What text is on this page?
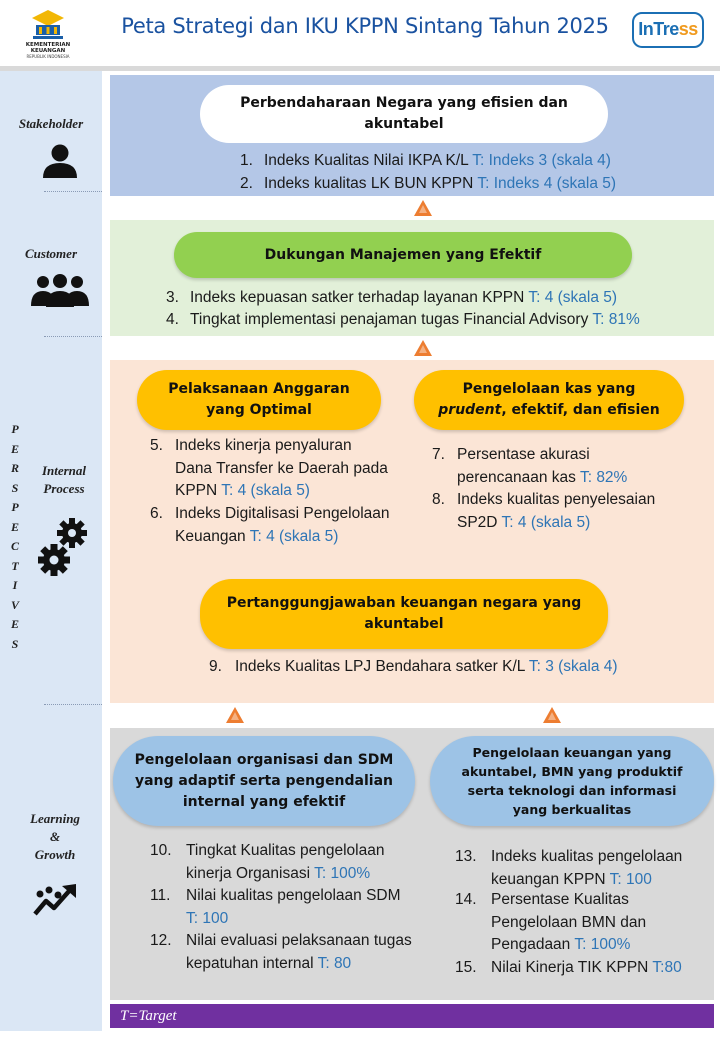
KEMENTERIAN KEUANGAN
REPUBLIK INDONESIA
Peta Strategi dan IKU KPPN Sintang Tahun 2025	InTress
Stakeholder
Customer
P
E
R
S
P
E
C
T
I
V
E
S
Internal
Process
Learning
&
Growth
Perbendaharaan Negara yang efisien dan akuntabel
1. Indeks Kualitas Nilai IKPA K/L T: Indeks 3 (skala 4)
2. Indeks kualitas LK BUN KPPN T: Indeks 4 (skala 5)
Dukungan Manajemen yang Efektif
3. Indeks kepuasan satker terhadap layanan KPPN T: 4 (skala 5)
4. Tingkat implementasi penajaman tugas Financial Advisory T: 81%
Pelaksanaan Anggaran
yang Optimal
Pengelolaan kas yang
prudent, efektif, dan efisien
5. Indeks kinerja penyaluran Dana Transfer ke Daerah pada KPPN T: 4 (skala 5)
6. Indeks Digitalisasi Pengelolaan Keuangan T: 4 (skala 5)
7. Persentase akurasi perencanaan kas T: 82%
8. Indeks kualitas penyelesaian SP2D T: 4 (skala 5)
Pertanggungjawaban keuangan negara yang akuntabel
9. Indeks Kualitas LPJ Bendahara satker K/L T: 3 (skala 4)
Pengelolaan organisasi dan SDM yang adaptif serta pengendalian internal yang efektif
Pengelolaan keuangan yang akuntabel, BMN yang produktif serta teknologi dan informasi yang berkualitas
10. Tingkat Kualitas pengelolaan kinerja Organisasi T: 100%
11.	Nilai kualitas pengelolaan SDM T: 100
12. Nilai evaluasi pelaksanaan tugas kepatuhan internal T: 80
13. Indeks kualitas pengelolaan keuangan KPPN T: 100
14. Persentase Kualitas Pengelolaan BMN dan Pengadaan T: 100%
15. Nilai Kinerja TIK KPPN T:80
T=Target
